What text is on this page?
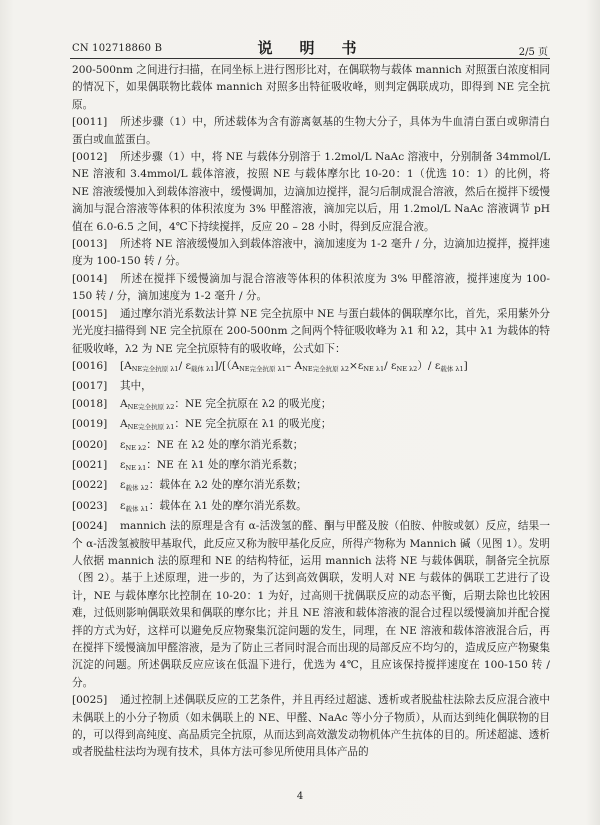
CN 102718860 B	说　明　书	2/5 页

200-500nm 之间进行扫描，在同坐标上进行图形比对，在偶联物与载体 mannich 对照蛋白浓度相同的情况下，如果偶联物比载体 mannich 对照多出特征吸收峰，则判定偶联成功，即得到 NE 完全抗原。

[0011] 所述步骤（1）中，所述载体为含有游离氨基的生物大分子，具体为牛血清白蛋白或卵清白蛋白或血蓝蛋白。

[0012] 所述步骤（1）中，将 NE 与载体分别溶于 1.2mol/L NaAc 溶液中，分别制备 34mmol/L NE 溶液和 3.4mmol/L 载体溶液，按照 NE 与载体摩尔比 10-20：1（优选 10：1）的比例，将 NE 溶液缓慢加入到载体溶液中，缓慢调加，边滴加边搅拌，混匀后制成混合溶液，然后在搅拌下缓慢滴加与混合溶液等体积的体积浓度为 3% 甲醛溶液，滴加完以后，用 1.2mol/L NaAc 溶液调节 pH 值在 6.0-6.5 之间，4℃下持续搅拌，反应 20 – 28 小时，得到反应混合液。

[0013] 所述将 NE 溶液缓慢加入到载体溶液中，滴加速度为 1-2 毫升 / 分，边滴加边搅拌，搅拌速度为 100-150 转 / 分。

[0014] 所述在搅拌下缓慢滴加与混合溶液等体积的体积浓度为 3% 甲醛溶液，搅拌速度为 100-150 转 / 分，滴加速度为 1-2 毫升 / 分。

[0015] 通过摩尔消光系数法计算 NE 完全抗原中 NE 与蛋白载体的偶联摩尔比，首先，采用紫外分光光度扫描得到 NE 完全抗原在 200-500nm 之间两个特征吸收峰为 λ1 和 λ2，其中 λ1 为载体的特征吸收峰，λ2 为 NE 完全抗原特有的吸收峰，公式如下：

[0016] [$A_{NE完全抗原 \lambda 1}/$ $\varepsilon_{载体 \lambda 1}]/[(A_{NE完全抗原 \lambda 1}-$ $A_{NE完全抗原 \lambda 2}\times\varepsilon_{NE \lambda 1}/$ $\varepsilon_{NE \lambda 2})/$ $\varepsilon_{载体 \lambda 1}$]

[0017] 其中，

[0018] $A_{NE完全抗原 \lambda 2}$：NE 完全抗原在 λ2 的吸光度；

[0019] $A_{NE完全抗原 \lambda 1}$：NE 完全抗原在 λ1 的吸光度；

[0020] $\varepsilon_{NE \lambda 2}$：NE 在 λ2 处的摩尔消光系数；

[0021] $\varepsilon_{NE \lambda 1}$：NE 在 λ1 处的摩尔消光系数；

[0022] $\varepsilon_{载体 \lambda 2}$：载体在 λ2 处的摩尔消光系数；

[0023] $\varepsilon_{载体 \lambda 1}$：载体在 λ1 处的摩尔消光系数。

[0024] mannich 法的原理是含有 α-活泼氢的醛、酮与甲醛及胺（伯胺、仲胺或氨）反应，结果一个 α-活泼氢被胺甲基取代，此反应又称为胺甲基化反应，所得产物称为 Mannich 碱（见图 1）。发明人依据 mannich 法的原理和 NE 的结构特征，运用 mannich 法将 NE 与载体偶联，制备完全抗原（图 2）。基于上述原理，进一步的，为了达到高效偶联，发明人对 NE 与载体的偶联工艺进行了设计，NE 与载体摩尔比控制在 10-20：1 为好，过高则干扰偶联反应的动态平衡，后期去除也比较困难，过低则影响偶联效果和偶联的摩尔比；并且 NE 溶液和载体溶液的混合过程以缓慢滴加并配合搅拌的方式为好，这样可以避免反应物聚集沉淀问题的发生，同理，在 NE 溶液和载体溶液混合后，再在搅拌下缓慢滴加甲醛溶液，是为了防止三者同时混合而出现的局部反应不均匀的，造成反应产物聚集沉淀的问题。所述偶联反应应该在低温下进行，优选为 4℃，且应该保持搅拌速度在 100-150 转 / 分。

[0025] 通过控制上述偶联反应的工艺条件，并且再经过超滤、透析或者脱盐柱法除去反应混合液中未偶联上的小分子物质（如未偶联上的 NE、甲醛、NaAc 等小分子物质），从而达到纯化偶联物的目的，可以得到高纯度、高品质完全抗原，从而达到高效激发动物机体产生抗体的目的。所述超滤、透析或者脱盐柱法均为现有技术，具体方法可参见所使用具体产品的

4
